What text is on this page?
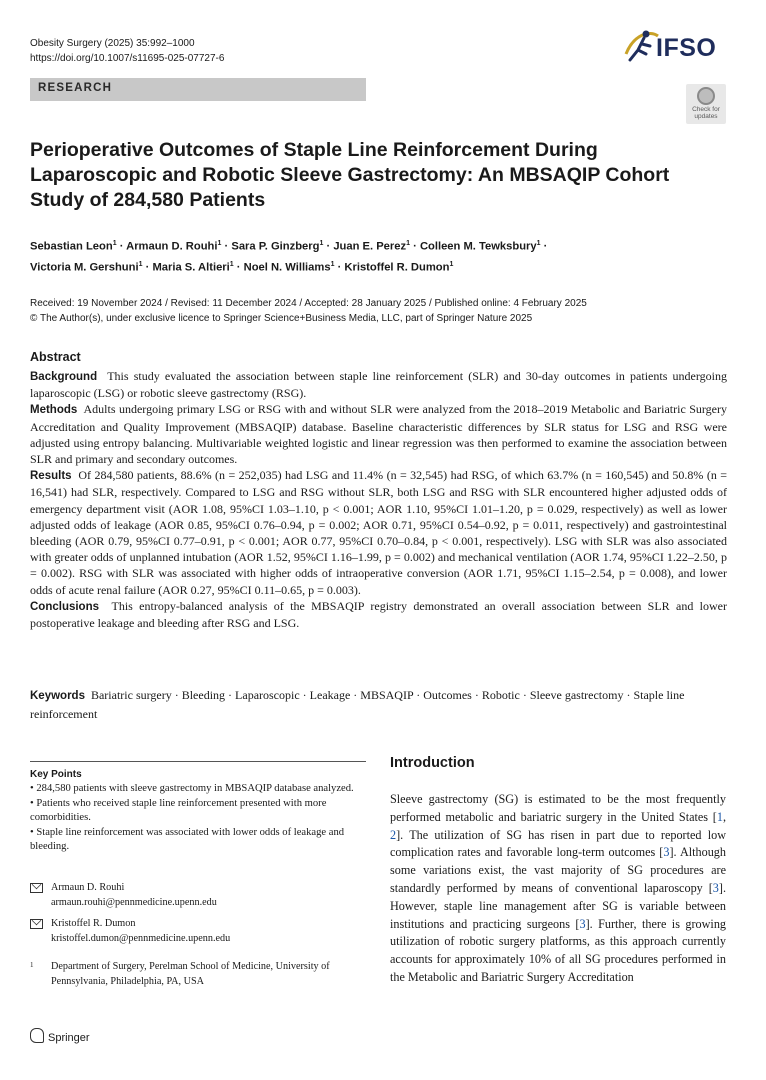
Obesity Surgery (2025) 35:992–1000
https://doi.org/10.1007/s11695-025-07727-6	IFSO
RESEARCH
Check for updates
Perioperative Outcomes of Staple Line Reinforcement During Laparoscopic and Robotic Sleeve Gastrectomy: An MBSAQIP Cohort Study of 284,580 Patients
Sebastian Leon$^1$ · Armaun D. Rouhi$^1$ · Sara P. Ginzberg$^1$ · Juan E. Perez$^1$ · Colleen M. Tewksbury$^1$ ·
Victoria M. Gershuni$^1$ · Maria S. Altieri$^1$ · Noel N. Williams$^1$ · Kristoffel R. Dumon$^1$
Received: 19 November 2024 / Revised: 11 December 2024 / Accepted: 28 January 2025 / Published online: 4 February 2025
© The Author(s), under exclusive licence to Springer Science+Business Media, LLC, part of Springer Nature 2025
Abstract
Background This study evaluated the association between staple line reinforcement (SLR) and 30-day outcomes in patients undergoing laparoscopic (LSG) or robotic sleeve gastrectomy (RSG).
Methods Adults undergoing primary LSG or RSG with and without SLR were analyzed from the 2018–2019 Metabolic and Bariatric Surgery Accreditation and Quality Improvement (MBSAQIP) database. Baseline characteristic differences by SLR status for LSG and RSG were adjusted using entropy balancing. Multivariable weighted logistic and linear regression was then performed to examine the association between SLR and primary and secondary outcomes.
Results Of 284,580 patients, 88.6% (n = 252,035) had LSG and 11.4% (n = 32,545) had RSG, of which 63.7% (n = 160,545) and 50.8% (n = 16,541) had SLR, respectively. Compared to LSG and RSG without SLR, both LSG and RSG with SLR encountered higher adjusted odds of emergency department visit (AOR 1.08, 95%CI 1.03–1.10, p < 0.001; AOR 1.10, 95%CI 1.01–1.20, p = 0.029, respectively) as well as lower adjusted odds of leakage (AOR 0.85, 95%CI 0.76–0.94, p = 0.002; AOR 0.71, 95%CI 0.54–0.92, p = 0.011, respectively) and gastrointestinal bleeding (AOR 0.79, 95%CI 0.77–0.91, p < 0.001; AOR 0.77, 95%CI 0.70–0.84, p < 0.001, respectively). LSG with SLR was also associated with greater odds of unplanned intubation (AOR 1.52, 95%CI 1.16–1.99, p = 0.002) and mechanical ventilation (AOR 1.74, 95%CI 1.22–2.50, p = 0.002). RSG with SLR was associated with higher odds of intraoperative conversion (AOR 1.71, 95%CI 1.15–2.54, p = 0.008), and lower odds of acute renal failure (AOR 0.27, 95%CI 0.11–0.65, p = 0.003).
Conclusions This entropy-balanced analysis of the MBSAQIP registry demonstrated an overall association between SLR and lower postoperative leakage and bleeding after RSG and LSG.
Keywords Bariatric surgery · Bleeding · Laparoscopic · Leakage · MBSAQIP · Outcomes · Robotic · Sleeve gastrectomy · Staple line reinforcement
Key Points

• 284,580 patients with sleeve gastrectomy in MBSAQIP database analyzed.

• Patients who received staple line reinforcement presented with more comorbidities.

• Staple line reinforcement was associated with lower odds of leakage and bleeding.

Armaun D. Rouhi
armaun.rouhi@pennmedicine.upenn.edu
Kristoffel R. Dumon
kristoffel.dumon@pennmedicine.upenn.edu
1 Department of Surgery, Perelman School of Medicine, University of Pennsylvania, Philadelphia, PA, USA
Introduction
Sleeve gastrectomy (SG) is estimated to be the most frequently performed metabolic and bariatric surgery in the United States [1, 2]. The utilization of SG has risen in part due to reported low complication rates and favorable long-term outcomes [3]. Although some variations exist, the vast majority of SG procedures are standardly performed by means of conventional laparoscopy [3]. However, staple line management after SG is variable between institutions and practicing surgeons [3]. Further, there is growing utilization of robotic surgery platforms, as this approach currently accounts for approximately 10% of all SG procedures performed in the Metabolic and Bariatric Surgery Accreditation
Springer
